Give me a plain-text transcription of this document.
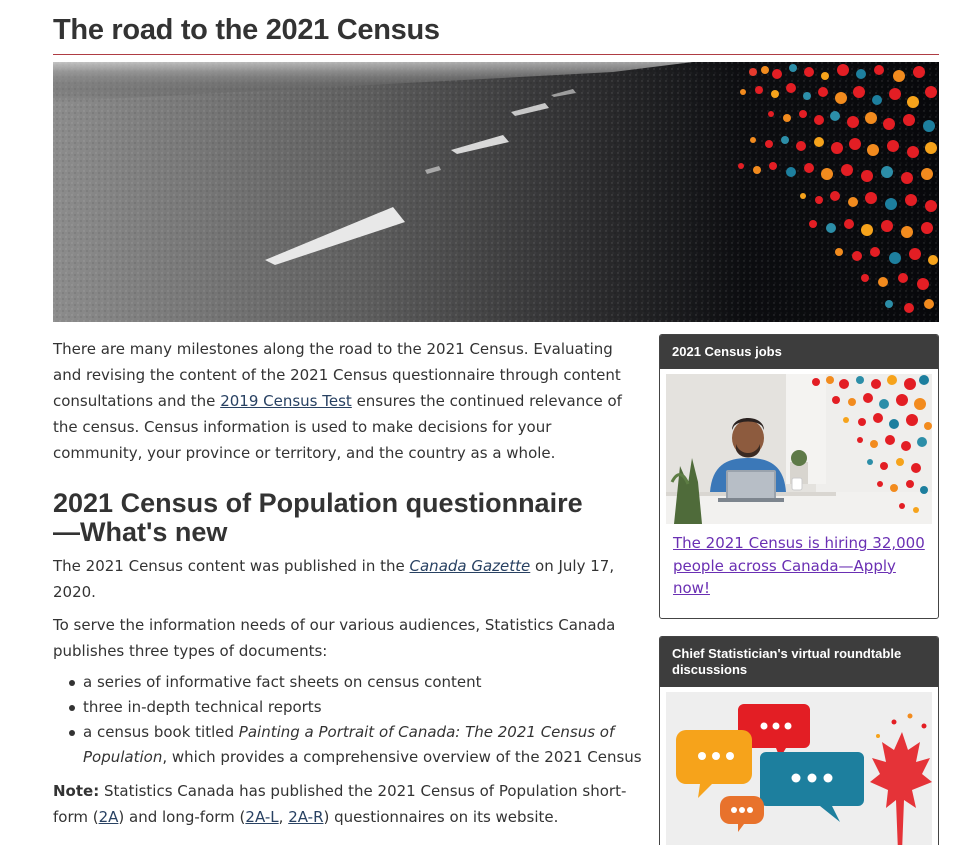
The road to the 2021 Census

There are many milestones along the road to the 2021 Census. Evaluating and revising the content of the 2021 Census questionnaire through content consultations and the 2019 Census Test ensures the continued relevance of the census. Census information is used to make decisions for your community, your province or territory, and the country as a whole.

2021 Census of Population questionnaire
—What's new

The 2021 Census content was published in the Canada Gazette on July 17, 2020.

To serve the information needs of our various audiences, Statistics Canada publishes three types of documents:

a series of informative fact sheets on census content
three in-depth technical reports
a census book titled Painting a Portrait of Canada: The 2021 Census of Population, which provides a comprehensive overview of the 2021 Census

Note: Statistics Canada has published the 2021 Census of Population short-form (2A) and long-form (2A-L, 2A-R) questionnaires on its website.

2021 Census jobs
The 2021 Census is hiring 32,000 people across Canada—Apply now!
Chief Statistician's virtual roundtable discussions
